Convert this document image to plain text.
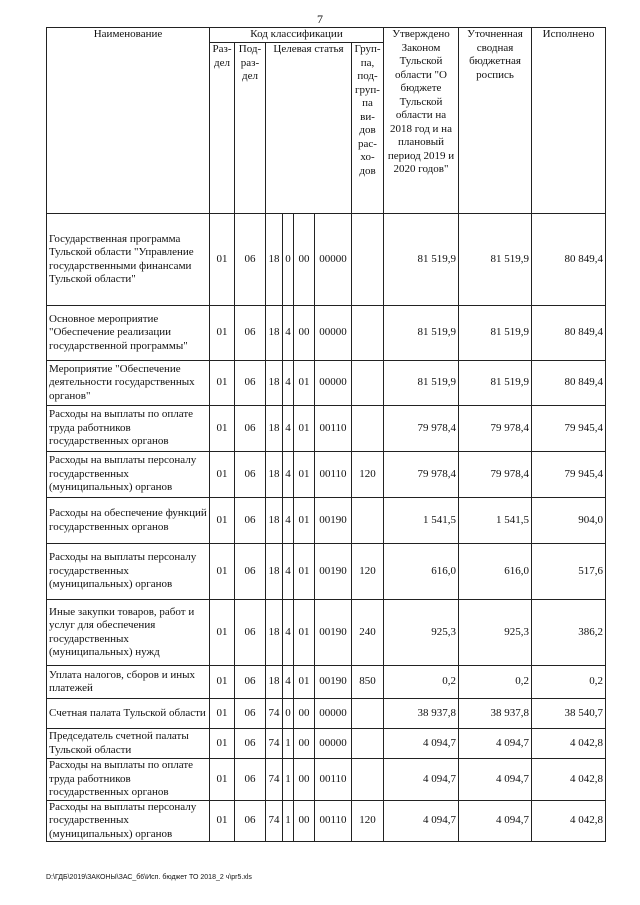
7
Наименование	Код классификации							Утверждено Законом Тульской области "О бюджете Тульской области на 2018 год и на плановый период 2019 и 2020 годов"	Уточненная сводная бюджетная роспись	Исполнено
	Раз- дел	Под- раз- дел	Целевая статья				Груп- па, под- груп- па ви- дов рас- хо- дов			
Государственная программа Тульской области "Управление государственными финансами Тульской области"	01	06	18	0	00	00000		81 519,9	81 519,9	80 849,4
Основное мероприятие "Обеспечение реализации государственной программы"	01	06	18	4	00	00000		81 519,9	81 519,9	80 849,4
Мероприятие "Обеспечение деятельности государственных органов"	01	06	18	4	01	00000		81 519,9	81 519,9	80 849,4
Расходы на выплаты по оплате труда работников государственных органов	01	06	18	4	01	00110		79 978,4	79 978,4	79 945,4
Расходы на выплаты персоналу государственных (муниципальных) органов	01	06	18	4	01	00110	120	79 978,4	79 978,4	79 945,4
Расходы на обеспечение функций государственных органов	01	06	18	4	01	00190		1 541,5	1 541,5	904,0
Расходы на выплаты персоналу государственных (муниципальных) органов	01	06	18	4	01	00190	120	616,0	616,0	517,6
Иные закупки товаров, работ и услуг для обеспечения государственных (муниципальных) нужд	01	06	18	4	01	00190	240	925,3	925,3	386,2
Уплата налогов, сборов и иных платежей	01	06	18	4	01	00190	850	0,2	0,2	0,2
Счетная палата Тульской области	01	06	74	0	00	00000		38 937,8	38 937,8	38 540,7
Председатель счетной палаты Тульской области	01	06	74	1	00	00000		4 094,7	4 094,7	4 042,8
Расходы на выплаты по оплате труда работников государственных органов	01	06	74	1	00	00110		4 094,7	4 094,7	4 042,8
Расходы на выплаты персоналу государственных (муниципальных) органов	01	06	74	1	00	00110	120	4 094,7	4 094,7	4 042,8
D:\ГДБ\2019\ЗАКОНЫ\ЗАС_б6\Исп. бюджет ТО 2018_2 ч\pr5.xls
